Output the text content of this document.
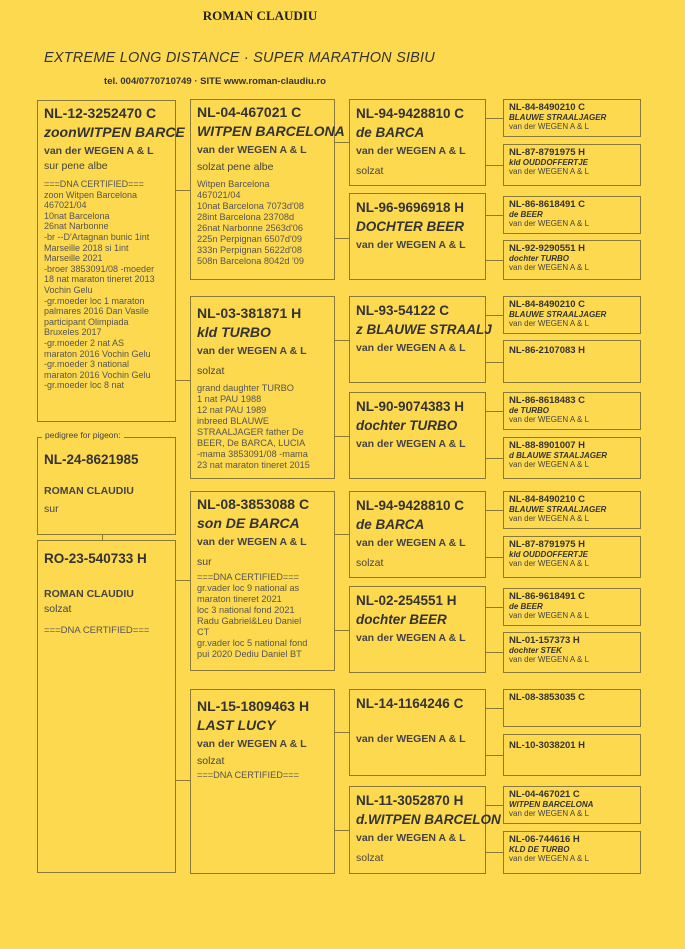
ROMAN CLAUDIU
EXTREME LONG DISTANCE · SUPER MARATHON SIBIU
tel. 004/0770710749 · SITE www.roman-claudiu.ro
NL-12-3252470 C
zoonWITPEN BARCE
van der WEGEN A & L
sur pene albe
===DNA CERTIFIED===
zoon Witpen Barcelona
467021/04
10nat Barcelona
26nat Narbonne
-br --D'Artagnan bunic 1int
Marseille 2018 si 1int
Marseille 2021
-broer 3853091/08 -moeder
18 nat maraton tineret 2013
Vochin Gelu
-gr.moeder loc 1 maraton
palmares 2016 Dan Vasile
participant Olimpiada
Bruxeles 2017
-gr.moeder 2 nat AS
maraton 2016 Vochin Gelu
-gr.moeder 3 national
maraton 2016 Vochin Gelu
-gr.moeder loc 8 nat
NL-24-8621985
ROMAN CLAUDIU
sur
pedigree for pigeon:
RO-23-540733 H
ROMAN CLAUDIU
solzat
===DNA CERTIFIED===
NL-04-467021 C
WITPEN BARCELONA
van der WEGEN A & L
solzat pene albe
Witpen Barcelona
467021/04
10nat Barcelona 7073d'08
28int Barcelona 23708d
26nat Narbonne 2563d'06
225n Perpignan 6507d'09
333n Perpignan 5622d'08
508n Barcelona 8042d '09
NL-03-381871 H
kld TURBO
van der WEGEN A & L
solzat
grand daughter TURBO
1 nat PAU 1988
12 nat PAU 1989
inbreed BLAUWE
STRAALJAGER father De
BEER, De BARCA, LUCIA
-mama 3853091/08 -mama
23 nat maraton tineret 2015
NL-08-3853088 C
son DE BARCA
van der WEGEN A & L
sur
===DNA CERTIFIED===
gr.vader loc 9 national as
maraton tineret 2021
loc 3 national fond 2021
Radu Gabriel&Leu Daniel
CT
gr.vader loc 5 national fond
pui 2020 Dediu Daniel BT
NL-15-1809463 H
LAST LUCY
van der WEGEN A & L
solzat
===DNA CERTIFIED===
NL-94-9428810 C
de BARCA
van der WEGEN A & L
solzat
NL-96-9696918 H
DOCHTER BEER
van der WEGEN A & L
NL-93-54122 C
z BLAUWE STRAALJ
van der WEGEN A & L
NL-90-9074383 H
dochter TURBO
van der WEGEN A & L
NL-94-9428810 C
de BARCA
van der WEGEN A & L
solzat
NL-02-254551 H
dochter BEER
van der WEGEN A & L
NL-14-1164246 C
van der WEGEN A & L
NL-11-3052870 H
d.WITPEN BARCELON
van der WEGEN A & L
solzat
NL-84-8490210 C
BLAUWE STRAALJAGER
van der WEGEN A & L
NL-87-8791975 H
kld OUDDOFFERTJE
van der WEGEN A & L
NL-86-8618491 C
de BEER
van der WEGEN A & L
NL-92-9290551 H
dochter TURBO
van der WEGEN A & L
NL-84-8490210 C
BLAUWE STRAALJAGER
van der WEGEN A & L
NL-86-2107083 H
NL-86-8618483 C
de TURBO
van der WEGEN A & L
NL-88-8901007 H
d BLAUWE STAALJAGER
van der WEGEN A & L
NL-84-8490210 C
BLAUWE STRAALJAGER
van der WEGEN A & L
NL-87-8791975 H
kld OUDDOFFERTJE
van der WEGEN A & L
NL-86-9618491 C
de BEER
van der WEGEN A & L
NL-01-157373 H
dochter STEK
van der WEGEN A & L
NL-08-3853035 C
NL-10-3038201 H
NL-04-467021 C
WITPEN BARCELONA
van der WEGEN A & L
NL-06-744616 H
KLD DE TURBO
van der WEGEN A & L
